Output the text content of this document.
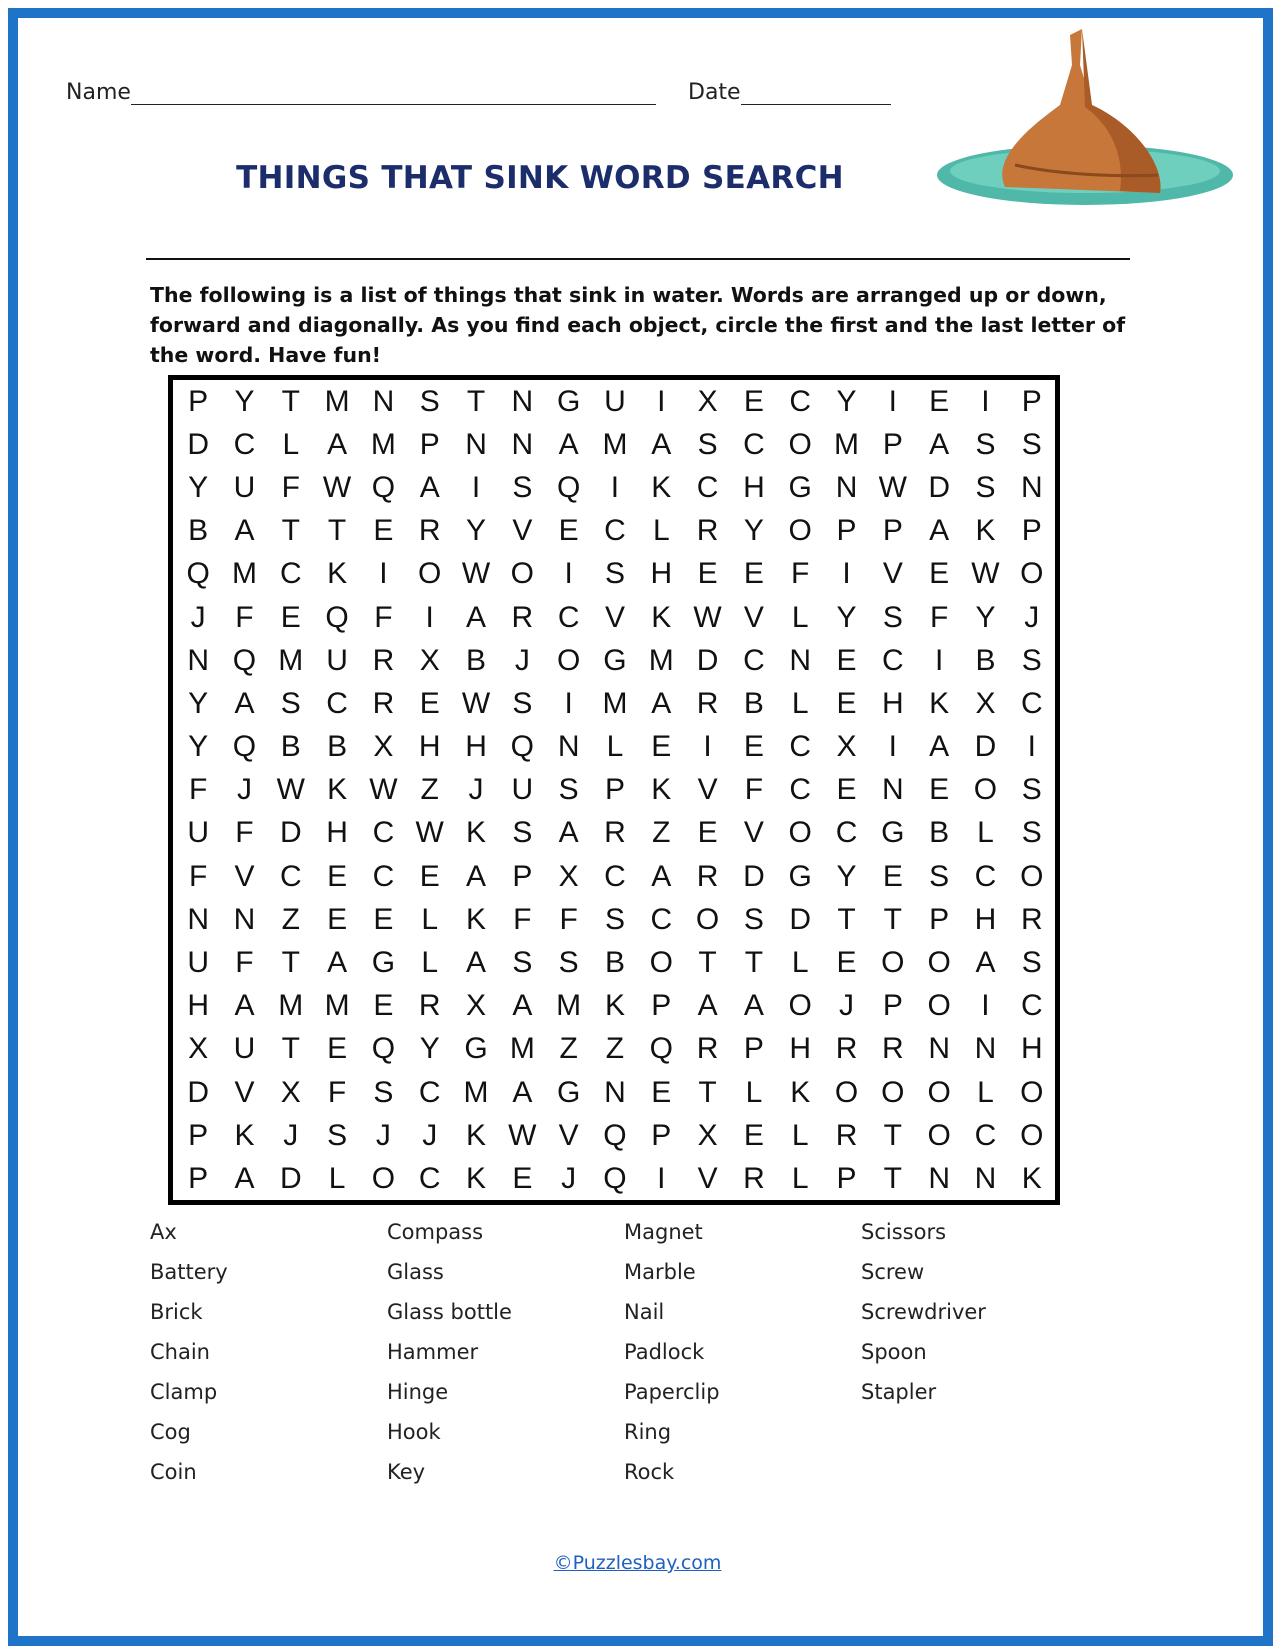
Name	Date
THINGS THAT SINK WORD SEARCH
The following is a list of things that sink in water. Words are arranged up or down, forward and diagonally. As you find each object, circle the first and the last letter of the word. Have fun!
P Y T M N S T N G U	I	X E C Y	I	E	I	P
D C L A M P N N A M A S C O M P A S S
Y U F W Q A	I	S Q	I	K C H G N W D S N
B A T T E R Y V E C L R Y O P P A K P
Q M C K	I	O W O	I	S H E E F	I	V E W O
J F E Q F	I	A R C V K W V L Y S F Y J
N Q M U R X B J O G M D C N E C	I	B S
Y A S C R E W S	I M A R B L E H K X C
Y Q B B X H H Q N L E	I	E C X	I	A D	I
F J W K W Z J U S P K V F C E N E O S
U F D H C W K S A R Z E V O C G B L S
F V C E C E A P X C A R D G Y E S C O
N N Z E E L K F F S C O S D T T P H R
U F T A G L A S S B O T T L E O O A S
H A M M E R X A M K P A A O J P O	I	C
X U T E Q Y G M Z Z Q R P H R R N N H
D V X F S C M A G N E T L K O O O L O
P K J S J	J K W V Q P X E L R T O C O
P A D L O C K E J Q	I	V R L P T N N K
Ax
Battery
Brick
Chain
Clamp
Cog
Coin
Compass
Glass
Glass bottle
Hammer
Hinge
Hook
Key
Magnet
Marble
Nail
Padlock
Paperclip
Ring
Rock
Scissors
Screw
Screwdriver
Spoon
Stapler
©Puzzlesbay.com
